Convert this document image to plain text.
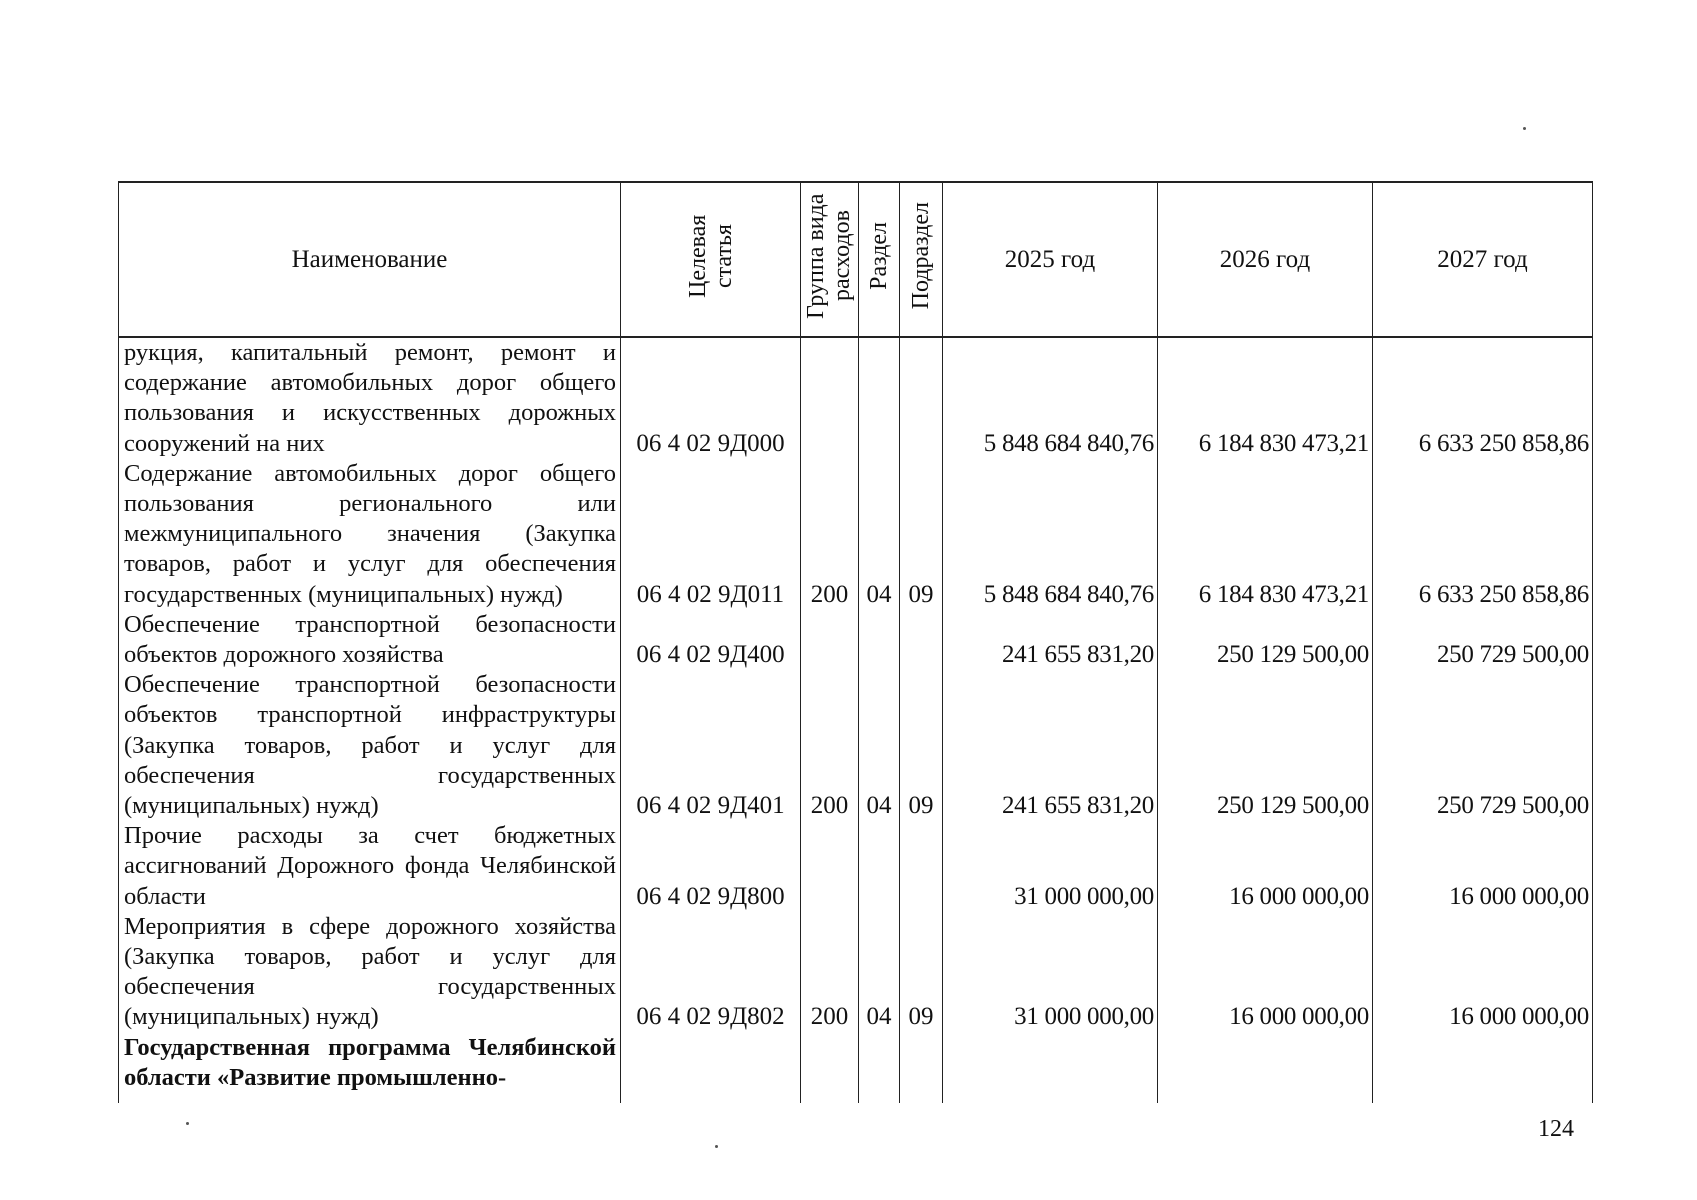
Наименование	Целевая статья	Группа вида расходов	Раздел	Подраздел	2025 год	2026 год	2027 год
рукция, капитальный ремонт, ремонт и содержание автомобильных дорог общего пользования и искусственных дорожных сооружений на них	06 4 02 9Д000				5 848 684 840,76	6 184 830 473,21	6 633 250 858,86
Содержание автомобильных дорог общего пользования регионального или межмуниципального значения (Закупка товаров, работ и услуг для обеспечения государственных (муниципальных) нужд)	06 4 02 9Д011	200	04	09	5 848 684 840,76	6 184 830 473,21	6 633 250 858,86
Обеспечение транспортной безопасности объектов дорожного хозяйства	06 4 02 9Д400				241 655 831,20	250 129 500,00	250 729 500,00
Обеспечение транспортной безопасности объектов транспортной инфраструктуры (Закупка товаров, работ и услуг для обеспечения государственных (муниципальных) нужд)	06 4 02 9Д401	200	04	09	241 655 831,20	250 129 500,00	250 729 500,00
Прочие расходы за счет бюджетных ассигнований Дорожного фонда Челябинской области	06 4 02 9Д800				31 000 000,00	16 000 000,00	16 000 000,00
Мероприятия в сфере дорожного хозяйства (Закупка товаров, работ и услуг для обеспечения государственных (муниципальных) нужд)	06 4 02 9Д802	200	04	09	31 000 000,00	16 000 000,00	16 000 000,00
Государственная программа Челябинской области «Развитие промышленно-							
124
